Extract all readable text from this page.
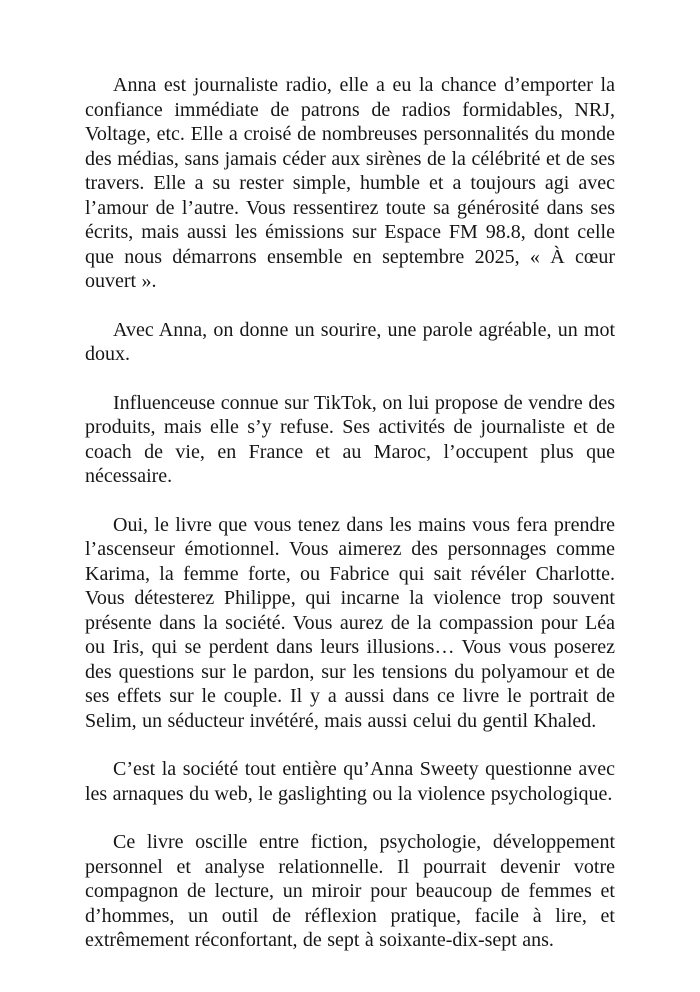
Anna est journaliste radio, elle a eu la chance d’emporter la confiance immédiate de patrons de radios formidables, NRJ, Voltage, etc. Elle a croisé de nombreuses personnalités du monde des médias, sans jamais céder aux sirènes de la célébrité et de ses travers. Elle a su rester simple, humble et a toujours agi avec l’amour de l’autre. Vous ressentirez toute sa générosité dans ses écrits, mais aussi les émissions sur Espace FM 98.8, dont celle que nous démarrons ensemble en septembre 2025, « À cœur ouvert ».

Avec Anna, on donne un sourire, une parole agréable, un mot doux.

Influenceuse connue sur TikTok, on lui propose de vendre des produits, mais elle s’y refuse. Ses activités de journaliste et de coach de vie, en France et au Maroc, l’occupent plus que nécessaire.

Oui, le livre que vous tenez dans les mains vous fera prendre l’ascenseur émotionnel. Vous aimerez des personnages comme Karima, la femme forte, ou Fabrice qui sait révéler Charlotte. Vous détesterez Philippe, qui incarne la violence trop souvent présente dans la société. Vous aurez de la compassion pour Léa ou Iris, qui se perdent dans leurs illusions… Vous vous poserez des questions sur le pardon, sur les tensions du polyamour et de ses effets sur le couple. Il y a aussi dans ce livre le portrait de Selim, un séducteur invétéré, mais aussi celui du gentil Khaled.

C’est la société tout entière qu’Anna Sweety questionne avec les arnaques du web, le gaslighting ou la violence psychologique.

Ce livre oscille entre fiction, psychologie, développement personnel et analyse relationnelle. Il pourrait devenir votre compagnon de lecture, un miroir pour beaucoup de femmes et d’hommes, un outil de réflexion pratique, facile à lire, et extrêmement réconfortant, de sept à soixante-dix-sept ans.
